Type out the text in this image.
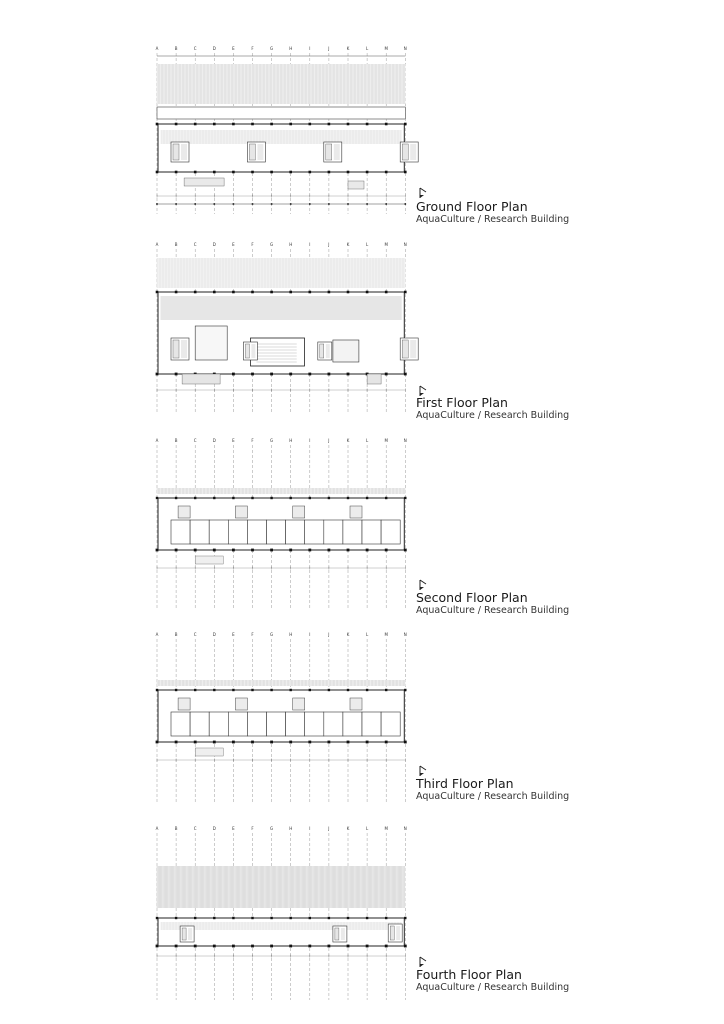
A	B	C	D	E	F	G	H	I	J	K	L	M	N
Ground Floor Plan
AquaCulture / Research Building
A	B	C	D	E	F	G	H	I	J	K	L	M	N
First Floor Plan
AquaCulture / Research Building
A	B	C	D	E	F	G	H	I	J	K	L	M	N
Second Floor Plan
AquaCulture / Research Building
A	B	C	D	E	F	G	H	I	J	K	L	M	N
Third Floor Plan
AquaCulture / Research Building
A	B	C	D	E	F	G	H	I	J	K	L	M	N
Fourth Floor Plan
AquaCulture / Research Building
